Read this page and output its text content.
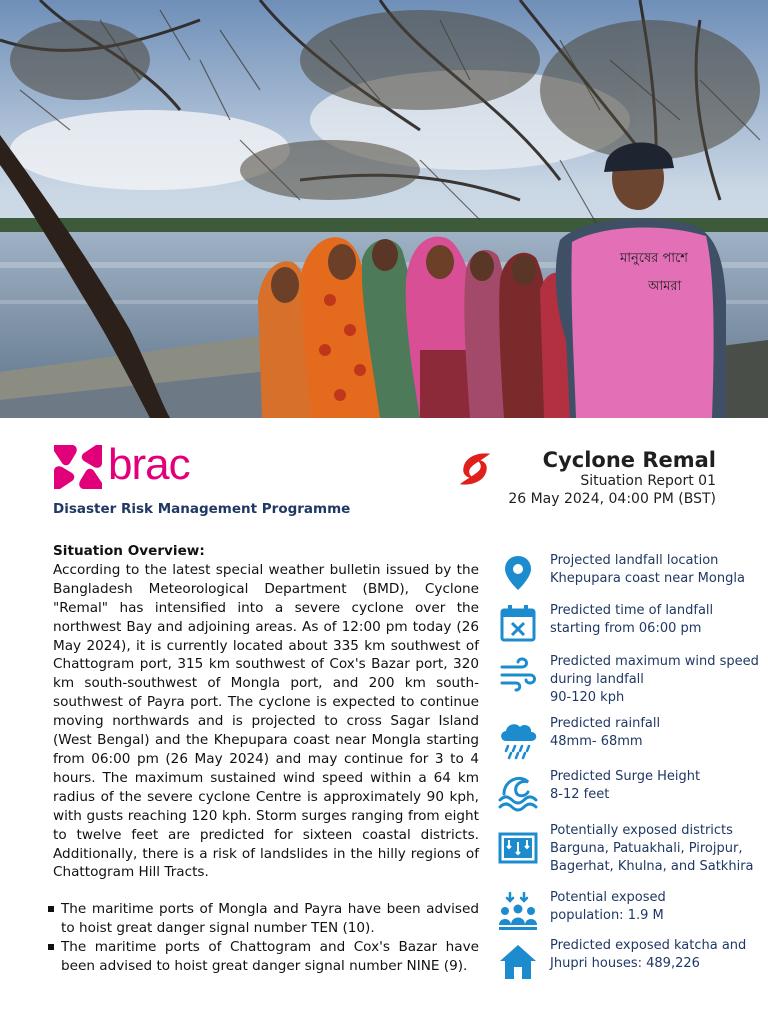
মানুষের পাশে
আমরা
brac
Disaster Risk Management Programme
Cyclone Remal
Situation Report 01
26 May 2024, 04:00 PM (BST)
Situation Overview:
According to the latest special weather bulletin issued by the Bangladesh Meteorological Department (BMD), Cyclone "Remal" has intensified into a severe cyclone over the northwest Bay and adjoining areas. As of 12:00 pm today (26 May 2024), it is currently located about 335 km southwest of Chattogram port, 315 km southwest of Cox's Bazar port, 320 km south-southwest of Mongla port, and 200 km south-southwest of Payra port. The cyclone is expected to continue moving northwards and is projected to cross Sagar Island (West Bengal) and the Khepupara coast near Mongla starting from 06:00 pm (26 May 2024) and may continue for 3 to 4 hours. The maximum sustained wind speed within a 64 km radius of the severe cyclone Centre is approximately 90 kph, with gusts reaching 120 kph. Storm surges ranging from eight to twelve feet are predicted for sixteen coastal districts. Additionally, there is a risk of landslides in the hilly regions of Chattogram Hill Tracts.
The maritime ports of Mongla and Payra have been advised to hoist great danger signal number TEN (10).
The maritime ports of Chattogram and Cox's Bazar have been advised to hoist great danger signal number NINE (9).
Projected landfall location
Khepupara coast near Mongla
Predicted time of landfall
starting from 06:00 pm
Predicted maximum wind speed
during landfall
90-120 kph
Predicted rainfall
48mm- 68mm
Predicted Surge Height
8-12 feet
Potentially exposed districts
Barguna, Patuakhali, Pirojpur,
Bagerhat, Khulna, and Satkhira
Potential exposed
population: 1.9 M
Predicted exposed katcha and
Jhupri houses: 489,226
